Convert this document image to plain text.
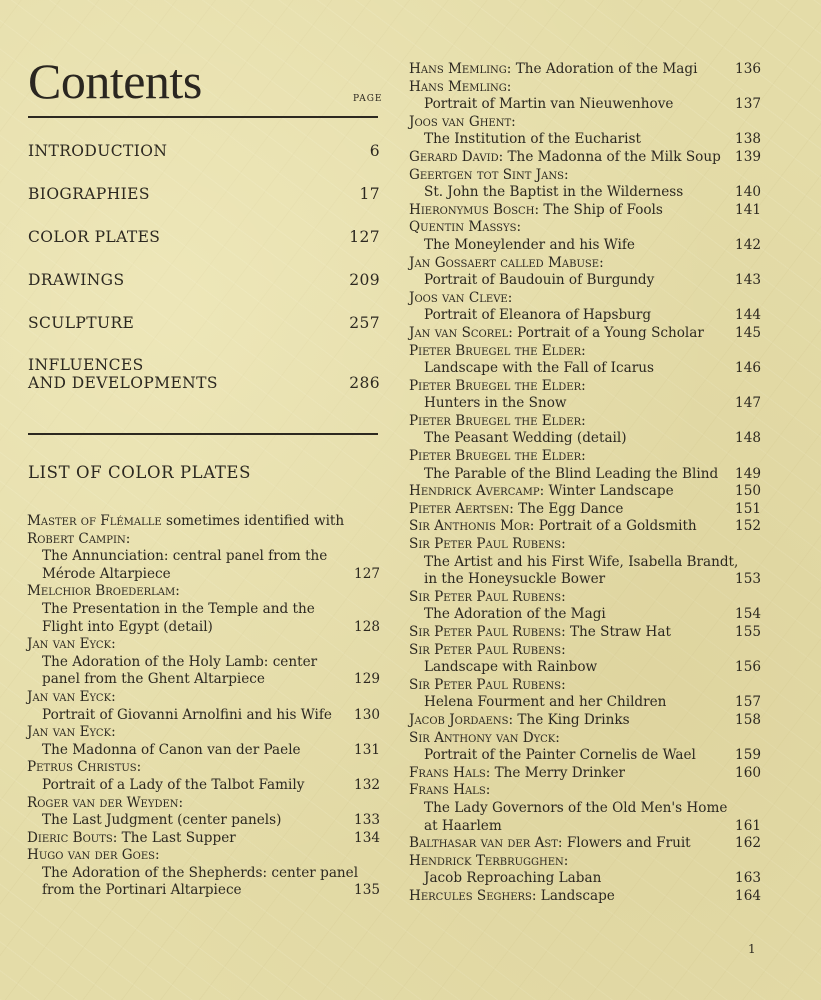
Contents	PAGE
INTRODUCTION	6
BIOGRAPHIES	17
COLOR PLATES	127
DRAWINGS	209
SCULPTURE	257
INFLUENCES
AND DEVELOPMENTS	286
LIST OF COLOR PLATES
Master of Flémalle sometimes identified with
Robert Campin:
The Annunciation: central panel from the
Mérode Altarpiece	127
Melchior Broederlam:
The Presentation in the Temple and the
Flight into Egypt (detail)	128
Jan van Eyck:
The Adoration of the Holy Lamb: center
panel from the Ghent Altarpiece	129
Jan van Eyck:
Portrait of Giovanni Arnolfini and his Wife 130
Jan van Eyck:
The Madonna of Canon van der Paele	131
Petrus Christus:
Portrait of a Lady of the Talbot Family	132
Roger van der Weyden:
The Last Judgment (center panels)	133
Dieric Bouts: The Last Supper	134
Hugo van der Goes:
The Adoration of the Shepherds: center panel
from the Portinari Altarpiece	135
Hans Memling: The Adoration of the Magi	136
Hans Memling:
Portrait of Martin van Nieuwenhove	137
Joos van Ghent:
The Institution of the Eucharist	138
Gerard David: The Madonna of the Milk Soup 139
Geertgen tot Sint Jans:
St. John the Baptist in the Wilderness	140
Hieronymus Bosch: The Ship of Fools	141
Quentin Massys:
The Moneylender and his Wife	142
Jan Gossaert called Mabuse:
Portrait of Baudouin of Burgundy	143
Joos van Cleve:
Portrait of Eleanora of Hapsburg	144
Jan van Scorel: Portrait of a Young Scholar 145
Pieter Bruegel the Elder:
Landscape with the Fall of Icarus	146
Pieter Bruegel the Elder:
Hunters in the Snow	147
Pieter Bruegel the Elder:
The Peasant Wedding (detail)	148
Pieter Bruegel the Elder:
The Parable of the Blind Leading the Blind 149
Hendrick Avercamp: Winter Landscape	150
Pieter Aertsen: The Egg Dance	151
Sir Anthonis Mor: Portrait of a Goldsmith	152
Sir Peter Paul Rubens:
The Artist and his First Wife, Isabella Brandt,
in the Honeysuckle Bower	153
Sir Peter Paul Rubens:
The Adoration of the Magi	154
Sir Peter Paul Rubens: The Straw Hat	155
Sir Peter Paul Rubens:
Landscape with Rainbow	156
Sir Peter Paul Rubens:
Helena Fourment and her Children	157
Jacob Jordaens: The King Drinks	158
Sir Anthony van Dyck:
Portrait of the Painter Cornelis de Wael	159
Frans Hals: The Merry Drinker	160
Frans Hals:
The Lady Governors of the Old Men's Home
at Haarlem	161
Balthasar van der Ast: Flowers and Fruit	162
Hendrick Terbrugghen:
Jacob Reproaching Laban	163
Hercules Seghers: Landscape	164
1
